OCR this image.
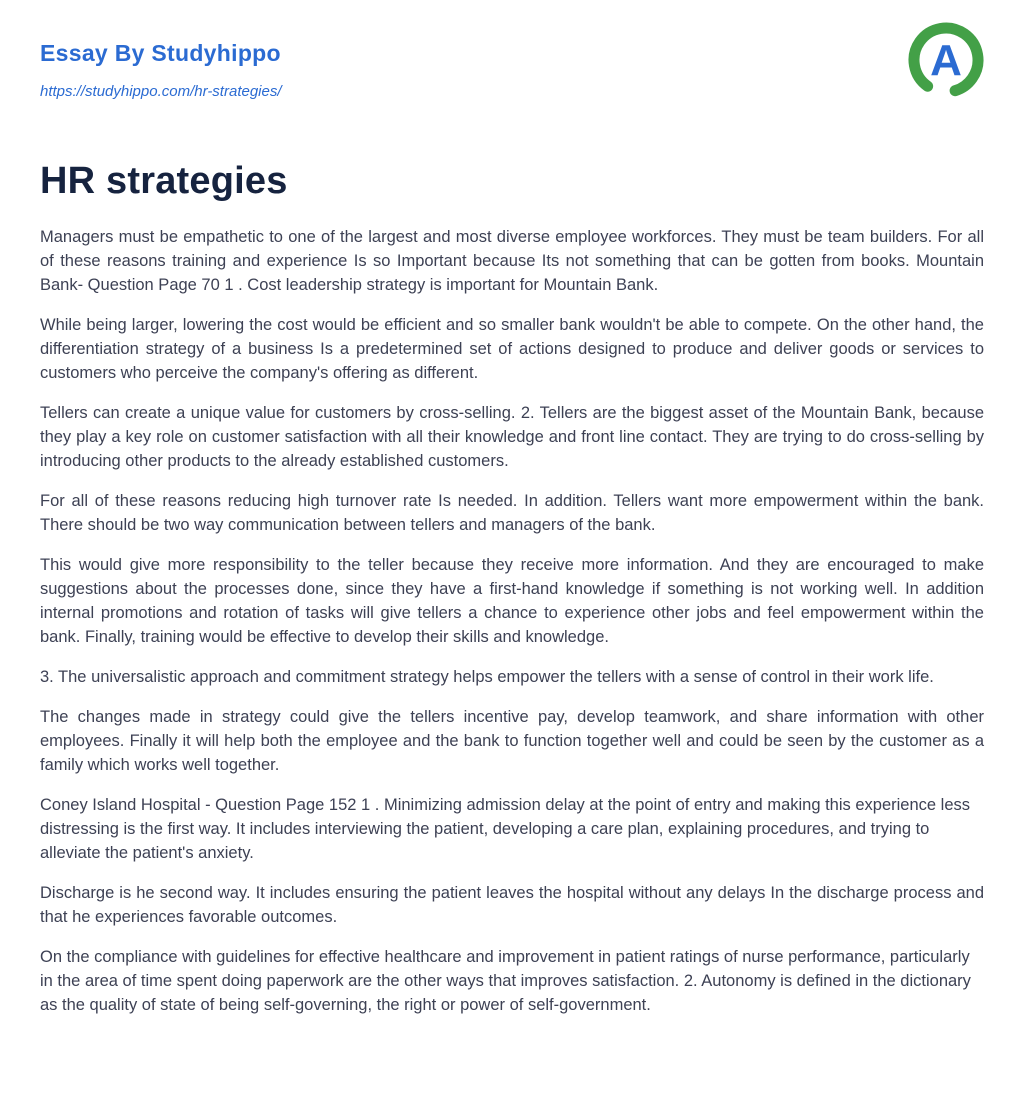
Essay By Studyhippo
https://studyhippo.com/hr-strategies/
A
HR strategies

Managers must be empathetic to one of the largest and most diverse employee workforces. They must be team builders. For all of these reasons training and experience Is so Important because Its not something that can be gotten from books. Mountain Bank- Question Page 70 1 . Cost leadership strategy is important for Mountain Bank.

While being larger, lowering the cost would be efficient and so smaller bank wouldn't be able to compete. On the other hand, the differentiation strategy of a business Is a predetermined set of actions designed to produce and deliver goods or services to customers who perceive the company's offering as different.

Tellers can create a unique value for customers by cross-selling. 2. Tellers are the biggest asset of the Mountain Bank, because they play a key role on customer satisfaction with all their knowledge and front line contact. They are trying to do cross-selling by introducing other products to the already established customers.

For all of these reasons reducing high turnover rate Is needed. In addition. Tellers want more empowerment within the bank. There should be two way communication between tellers and managers of the bank.

This would give more responsibility to the teller because they receive more information. And they are encouraged to make suggestions about the processes done, since they have a first-hand knowledge if something is not working well. In addition internal promotions and rotation of tasks will give tellers a chance to experience other jobs and feel empowerment within the bank. Finally, training would be effective to develop their skills and knowledge.

3. The universalistic approach and commitment strategy helps empower the tellers with a sense of control in their work life.

The changes made in strategy could give the tellers incentive pay, develop teamwork, and share information with other employees. Finally it will help both the employee and the bank to function together well and could be seen by the customer as a family which works well together.

Coney Island Hospital - Question Page 152 1 . Minimizing admission delay at the point of entry and making this experience less distressing is the first way. It includes interviewing the patient, developing a care plan, explaining procedures, and trying to alleviate the patient's anxiety.

Discharge is he second way. It includes ensuring the patient leaves the hospital without any delays In the discharge process and that he experiences favorable outcomes.

On the compliance with guidelines for effective healthcare and improvement in patient ratings of nurse performance, particularly in the area of time spent doing paperwork are the other ways that improves satisfaction. 2. Autonomy is defined in the dictionary as the quality of state of being self-governing, the right or power of self-government.
